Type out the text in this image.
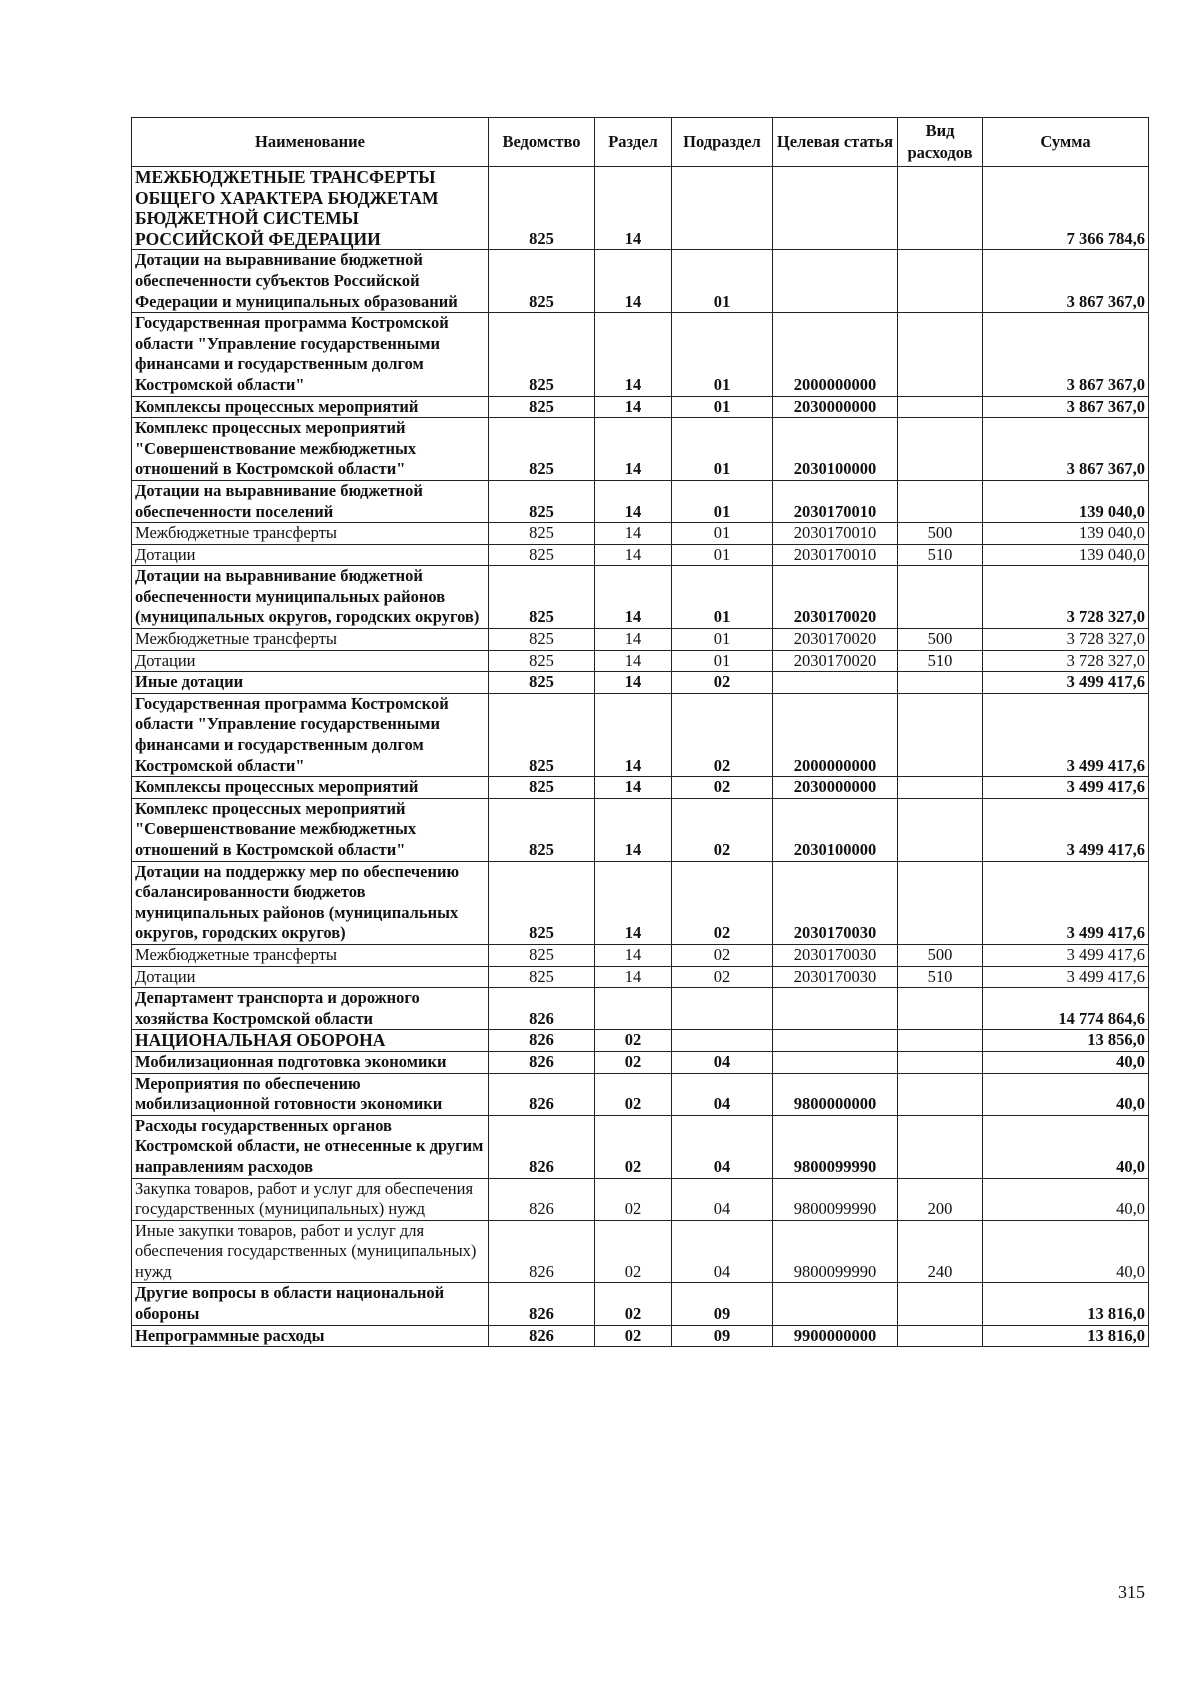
Наименование	Ведомство	Раздел	Подраздел	Целевая статья	Вид расходов	Сумма
МЕЖБЮДЖЕТНЫЕ ТРАНСФЕРТЫ ОБЩЕГО ХАРАКТЕРА БЮДЖЕТАМ БЮДЖЕТНОЙ СИСТЕМЫ РОССИЙСКОЙ ФЕДЕРАЦИИ	825	14				7 366 784,6
Дотации на выравнивание бюджетной обеспеченности субъектов Российской Федерации и муниципальных образований	825	14	01			3 867 367,0
Государственная программа Костромской области "Управление государственными финансами и государственным долгом Костромской области"	825	14	01	2000000000		3 867 367,0
Комплексы процессных мероприятий	825	14	01	2030000000		3 867 367,0
Комплекс процессных мероприятий "Совершенствование межбюджетных отношений в Костромской области"	825	14	01	2030100000		3 867 367,0
Дотации на выравнивание бюджетной обеспеченности поселений	825	14	01	2030170010		139 040,0
Межбюджетные трансферты	825	14	01	2030170010	500	139 040,0
Дотации	825	14	01	2030170010	510	139 040,0
Дотации на выравнивание бюджетной обеспеченности муниципальных районов (муниципальных округов, городских округов)	825	14	01	2030170020		3 728 327,0
Межбюджетные трансферты	825	14	01	2030170020	500	3 728 327,0
Дотации	825	14	01	2030170020	510	3 728 327,0
Иные дотации	825	14	02			3 499 417,6
Государственная программа Костромской области "Управление государственными финансами и государственным долгом Костромской области"	825	14	02	2000000000		3 499 417,6
Комплексы процессных мероприятий	825	14	02	2030000000		3 499 417,6
Комплекс процессных мероприятий "Совершенствование межбюджетных отношений в Костромской области"	825	14	02	2030100000		3 499 417,6
Дотации на поддержку мер по обеспечению сбалансированности бюджетов муниципальных районов (муниципальных округов, городских округов)	825	14	02	2030170030		3 499 417,6
Межбюджетные трансферты	825	14	02	2030170030	500	3 499 417,6
Дотации	825	14	02	2030170030	510	3 499 417,6
Департамент транспорта и дорожного хозяйства Костромской области	826					14 774 864,6
НАЦИОНАЛЬНАЯ ОБОРОНА	826	02				13 856,0
Мобилизационная подготовка экономики	826	02	04			40,0
Мероприятия по обеспечению мобилизационной готовности экономики	826	02	04	9800000000		40,0
Расходы государственных органов Костромской области, не отнесенные к другим направлениям расходов	826	02	04	9800099990		40,0
Закупка товаров, работ и услуг для обеспечения государственных (муниципальных) нужд	826	02	04	9800099990	200	40,0
Иные закупки товаров, работ и услуг для обеспечения государственных (муниципальных) нужд	826	02	04	9800099990	240	40,0
Другие вопросы в области национальной обороны	826	02	09			13 816,0
Непрограммные расходы	826	02	09	9900000000		13 816,0
315
